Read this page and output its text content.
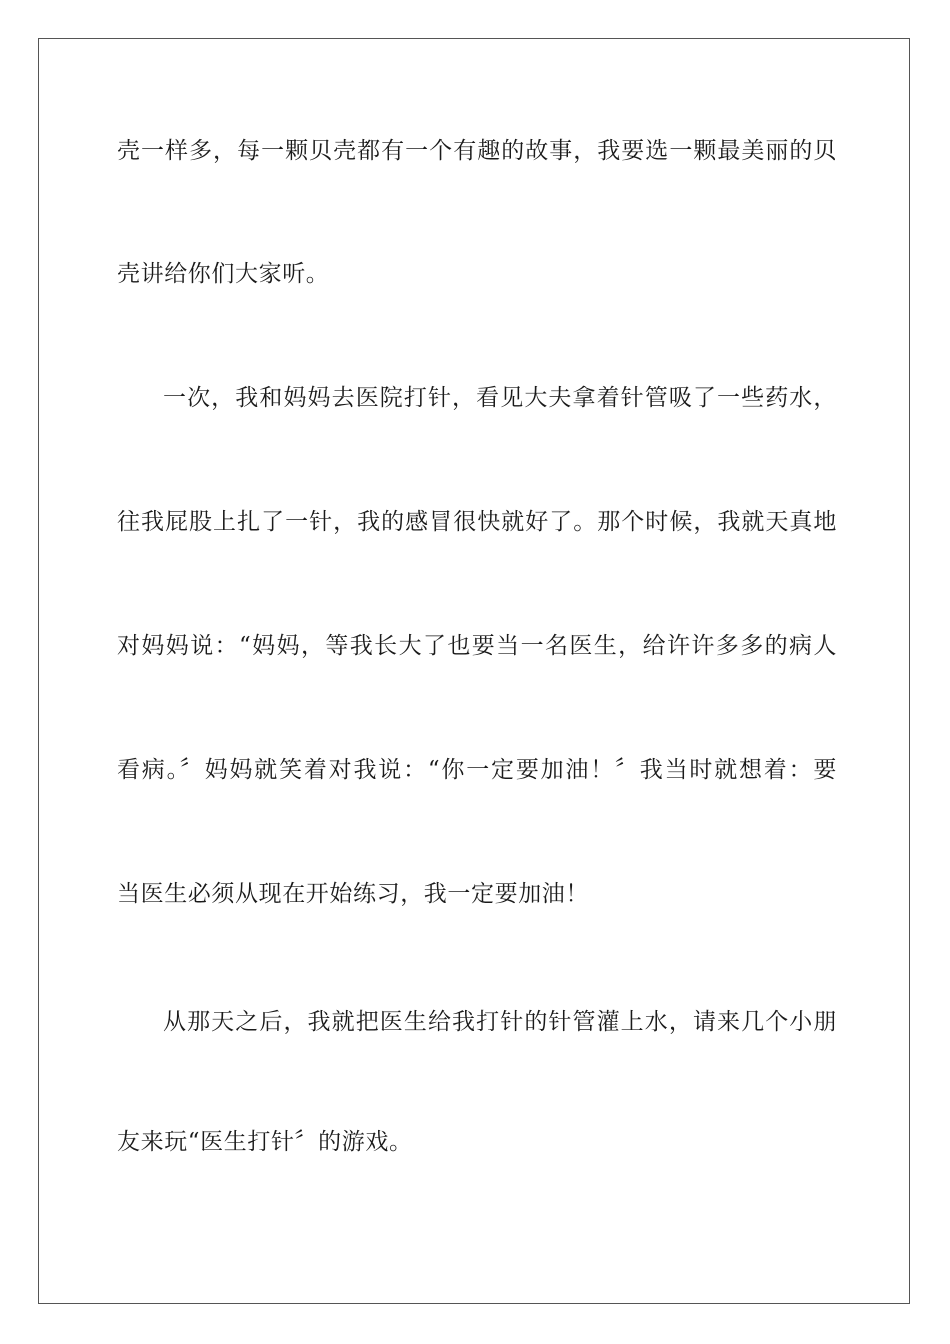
壳一样多，每一颗贝壳都有一个有趣的故事，我要选一颗最美丽的贝
壳讲给你们大家听。
一次，我和妈妈去医院打针，看见大夫拿着针管吸了一些药水，
往我屁股上扎了一针，我的感冒很快就好了。那个时候，我就天真地
对妈妈说：“妈妈，等我长大了也要当一名医生，给许许多多的病人
看病。〞妈妈就笑着对我说：“你一定要加油！〞我当时就想着：要
当医生必须从现在开始练习，我一定要加油！
从那天之后，我就把医生给我打针的针管灌上水，请来几个小朋
友来玩“医生打针〞的游戏。
